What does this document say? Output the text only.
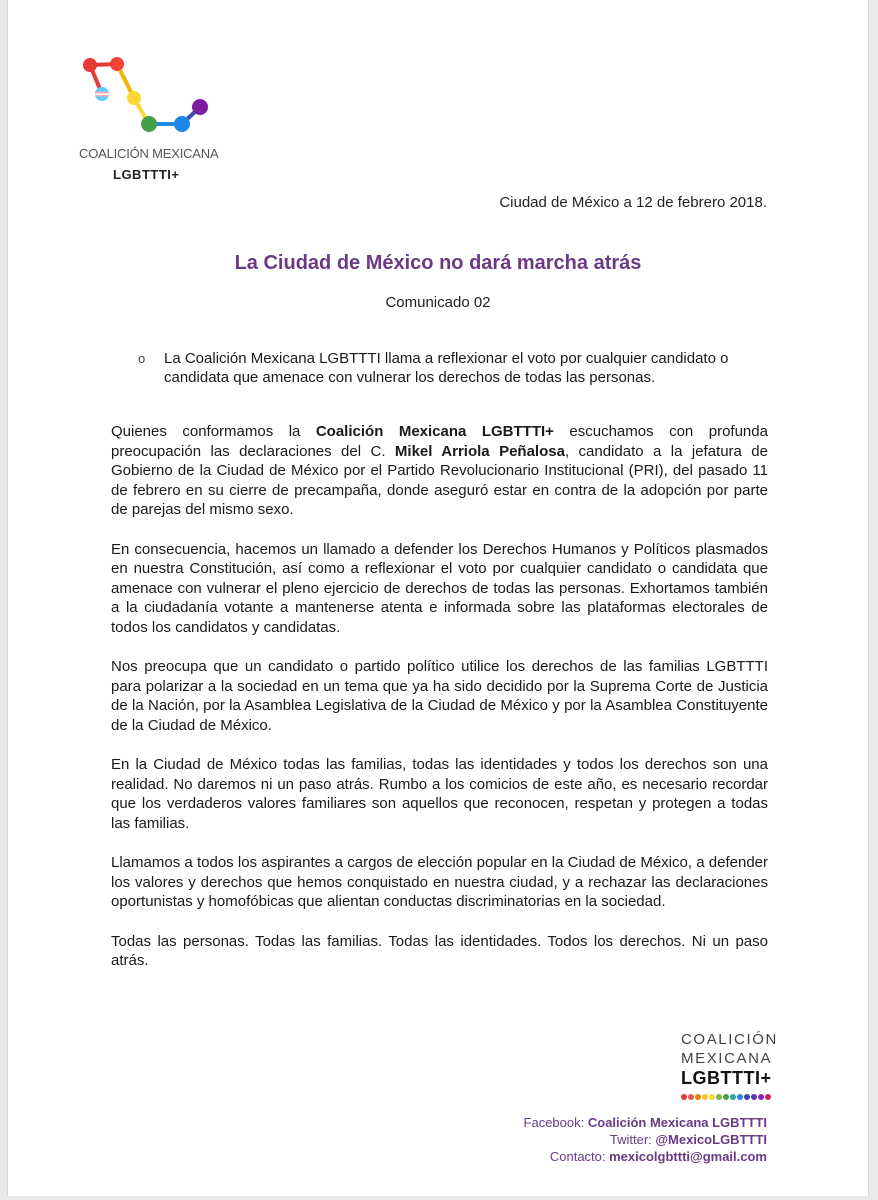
COALICIÓN MEXICANA
LGBTTTI+
Ciudad de México a 12 de febrero 2018.
La Ciudad de México no dará marcha atrás
Comunicado 02
o La Coalición Mexicana LGBTTTI llama a reflexionar el voto por cualquier candidato o candidata que amenace con vulnerar los derechos de todas las personas.

Quienes conformamos la Coalición Mexicana LGBTTTI+ escuchamos con profunda preocupación las declaraciones del C. Mikel Arriola Peñalosa, candidato a la jefatura de Gobierno de la Ciudad de México por el Partido Revolucionario Institucional (PRI), del pasado 11 de febrero en su cierre de precampaña, donde aseguró estar en contra de la adopción por parte de parejas del mismo sexo.

En consecuencia, hacemos un llamado a defender los Derechos Humanos y Políticos plasmados en nuestra Constitución, así como a reflexionar el voto por cualquier candidato o candidata que amenace con vulnerar el pleno ejercicio de derechos de todas las personas. Exhortamos también a la ciudadanía votante a mantenerse atenta e informada sobre las plataformas electorales de todos los candidatos y candidatas.

Nos preocupa que un candidato o partido político utilice los derechos de las familias LGBTTTI para polarizar a la sociedad en un tema que ya ha sido decidido por la Suprema Corte de Justicia de la Nación, por la Asamblea Legislativa de la Ciudad de México y por la Asamblea Constituyente de la Ciudad de México.

En la Ciudad de México todas las familias, todas las identidades y todos los derechos son una realidad. No daremos ni un paso atrás. Rumbo a los comicios de este año, es necesario recordar que los verdaderos valores familiares son aquellos que reconocen, respetan y protegen a todas las familias.

Llamamos a todos los aspirantes a cargos de elección popular en la Ciudad de México, a defender los valores y derechos que hemos conquistado en nuestra ciudad, y a rechazar las declaraciones oportunistas y homofóbicas que alientan conductas discriminatorias en la sociedad.

Todas las personas. Todas las familias. Todas las identidades. Todos los derechos. Ni un paso atrás.

COALICIÓN
MEXICANA
LGBTTTI+
Facebook: Coalición Mexicana LGBTTTI
Twitter: @MexicoLGBTTTI
Contacto: mexicolgbttti@gmail.com
